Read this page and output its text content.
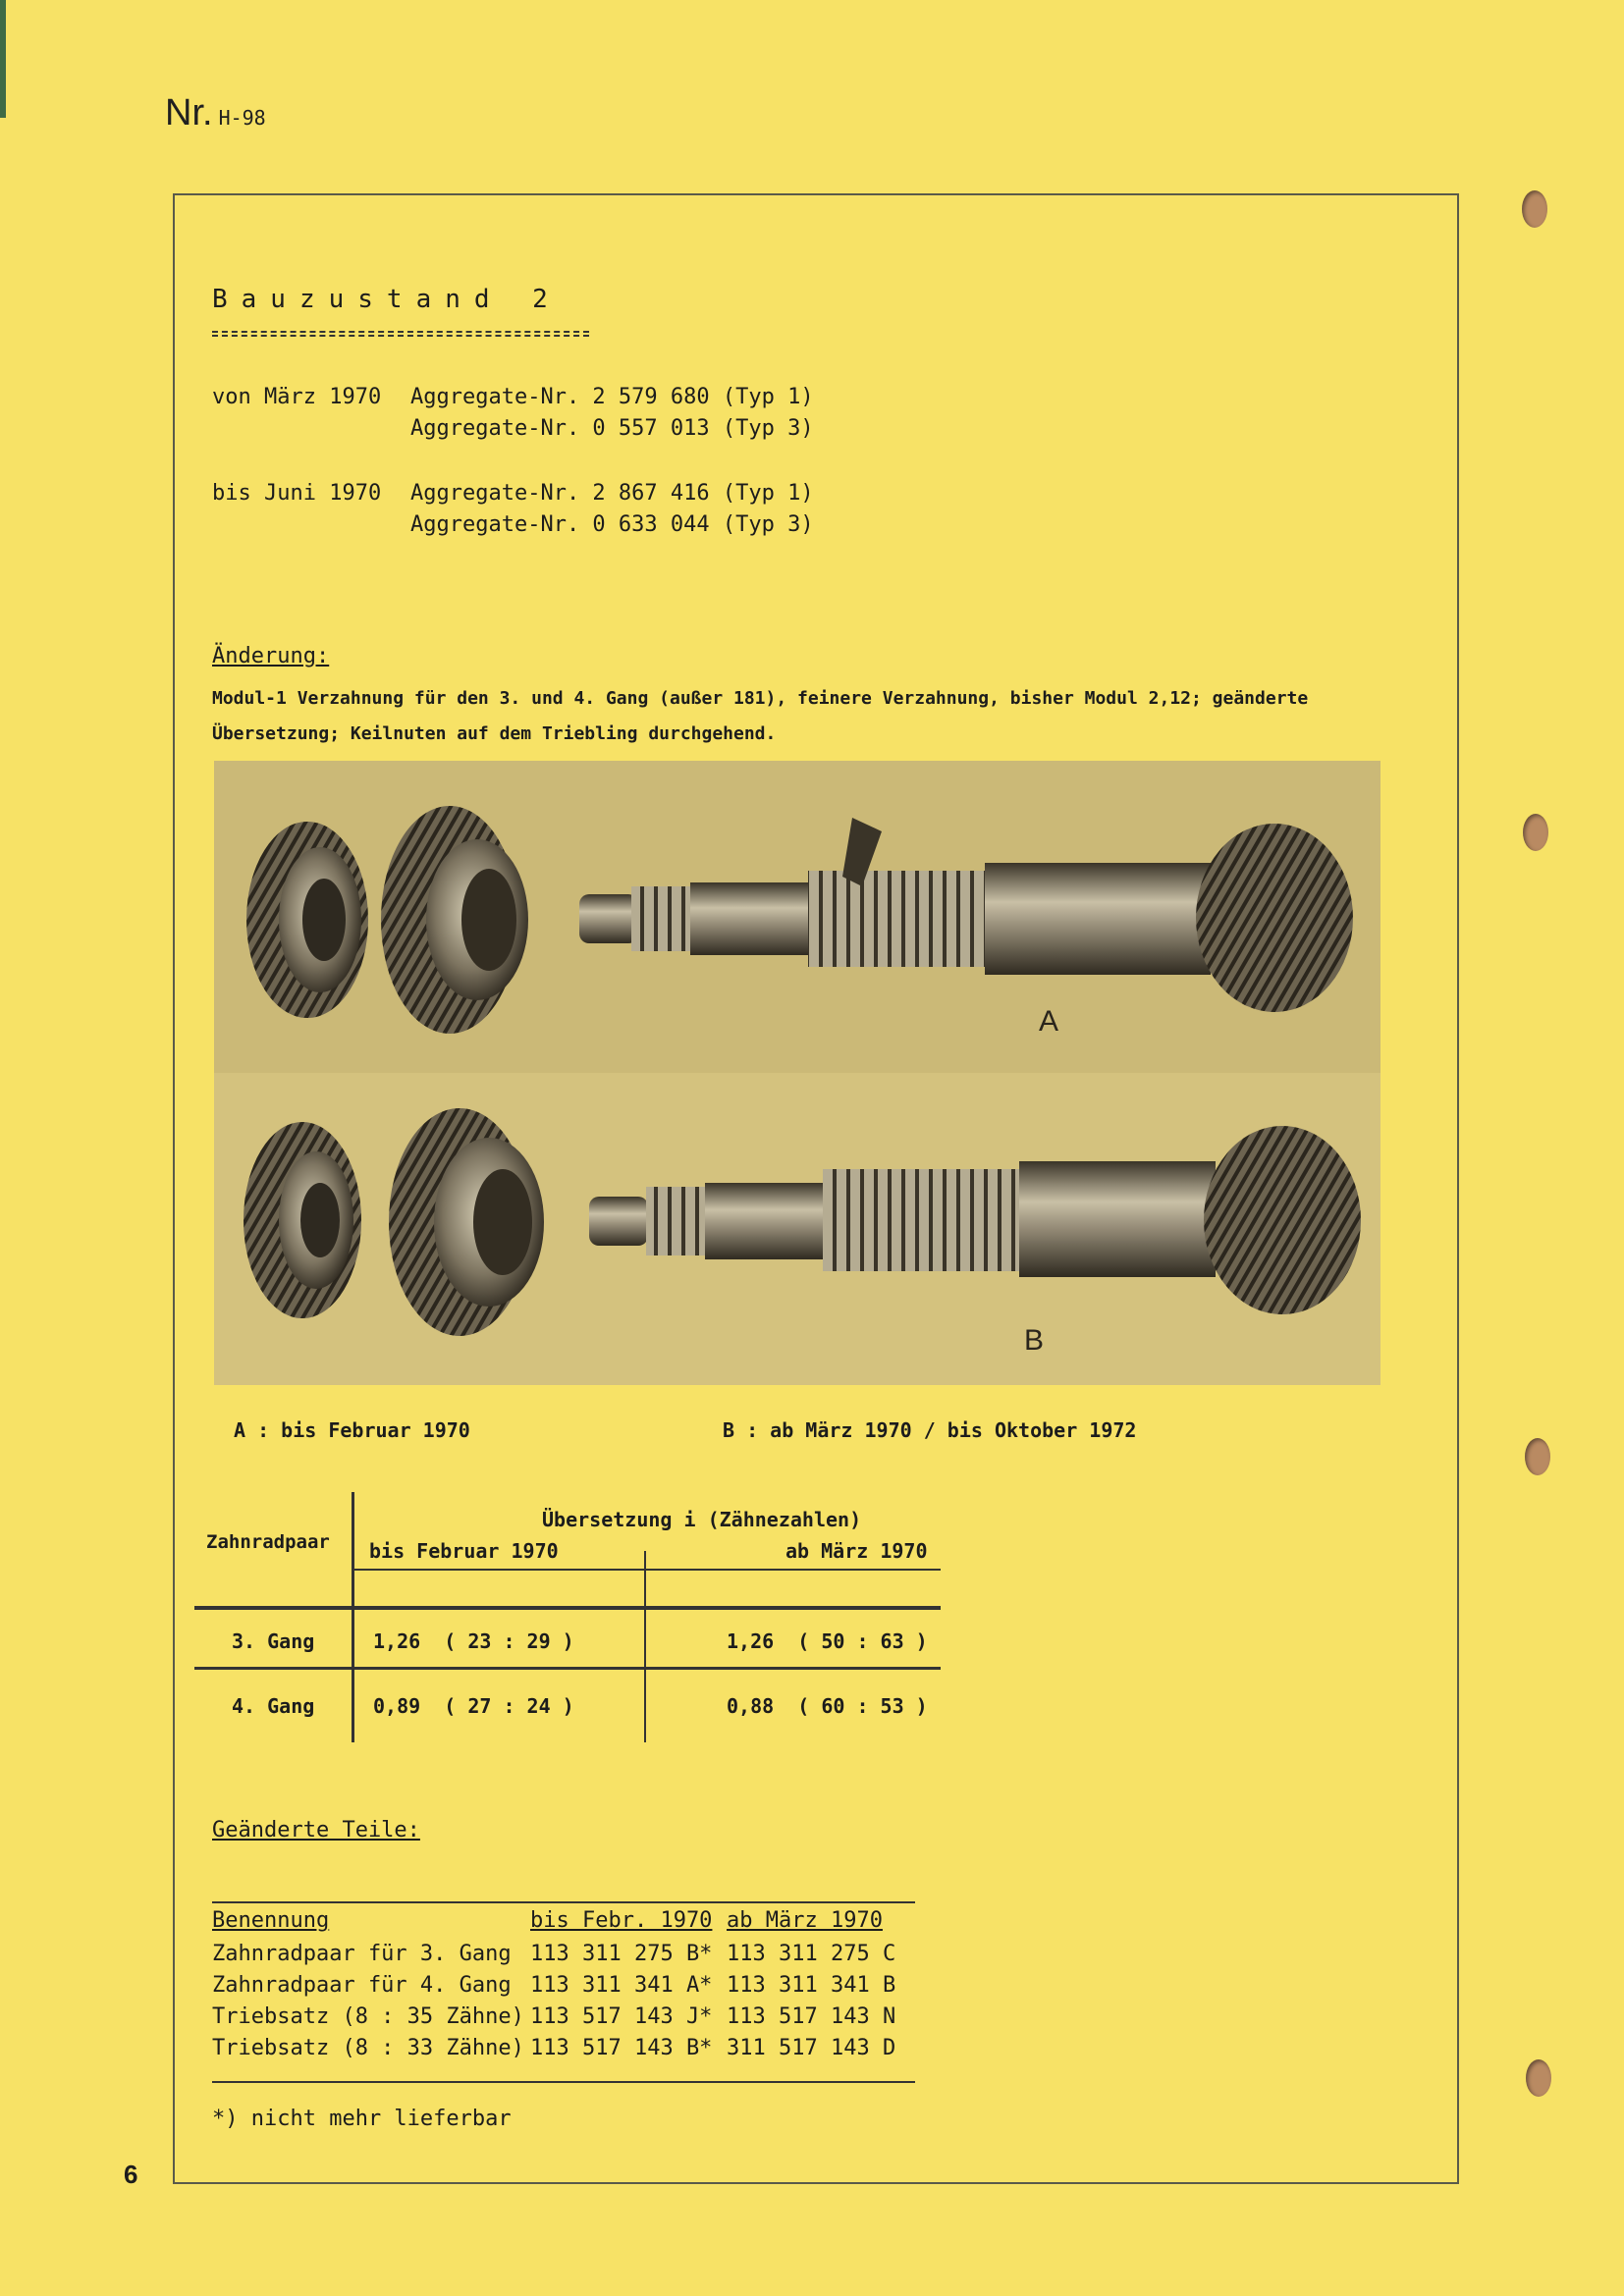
Nr. H-98
Bauzustand 2
von März 1970 Aggregate-Nr. 2 579 680 (Typ 1)
Aggregate-Nr. 0 557 013 (Typ 3)
bis Juni 1970 Aggregate-Nr. 2 867 416 (Typ 1)
Aggregate-Nr. 0 633 044 (Typ 3)
Änderung:
Modul-1 Verzahnung für den 3. und 4. Gang (außer 181), feinere Verzahnung, bisher Modul 2,12; geänderte
Übersetzung; Keilnuten auf dem Triebling durchgehend.
A
B
A : bis Februar 1970	B : ab März 1970 / bis Oktober 1972
Zahnradpaar
Übersetzung i (Zähnezahlen)
bis Februar 1970	ab März 1970
3. Gang	1,26  ( 23 : 29 )	1,26  ( 50 : 63 )
4. Gang	0,89  ( 27 : 24 )	0,88  ( 60 : 53 )
Geänderte Teile:
Benennung	bis Febr. 1970 ab März 1970
Zahnradpaar für 3. Gang 113 311 275 B* 113 311 275 C
Zahnradpaar für 4. Gang 113 311 341 A* 113 311 341 B
Triebsatz (8 : 35 Zähne) 113 517 143 J* 113 517 143 N
Triebsatz (8 : 33 Zähne) 113 517 143 B* 311 517 143 D
*) nicht mehr lieferbar
6
